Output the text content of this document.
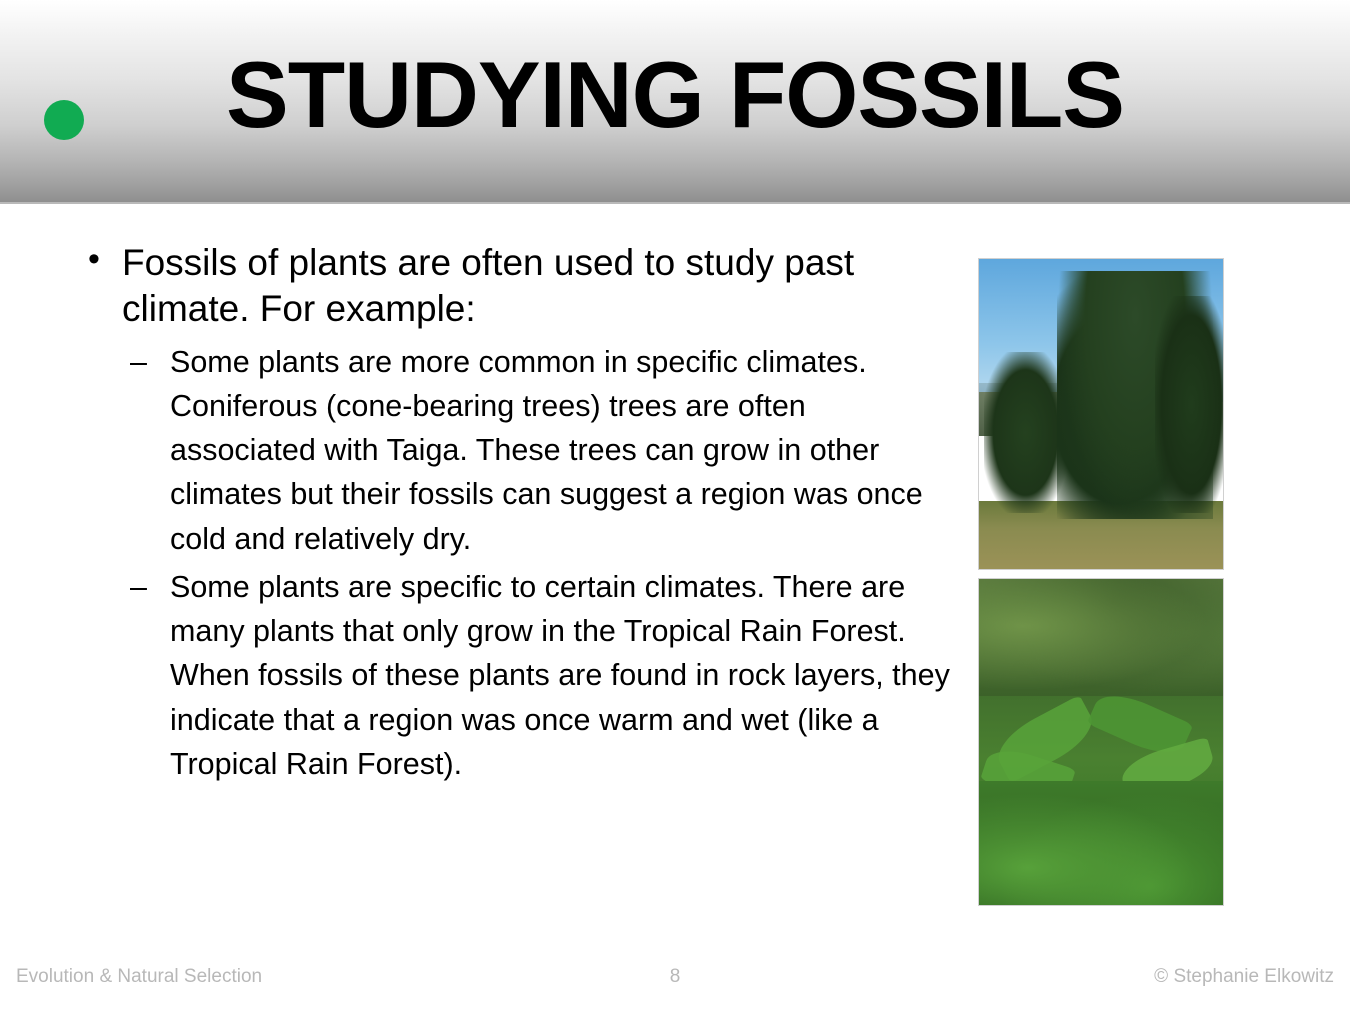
STUDYING FOSSILS
• Fossils of plants are often used to study past climate. For example:
– Some plants are more common in specific climates. Coniferous (cone-bearing trees) trees are often associated with Taiga. These trees can grow in other climates but their fossils can suggest a region was once cold and relatively dry.
– Some plants are specific to certain climates. There are many plants that only grow in the Tropical Rain Forest. When fossils of these plants are found in rock layers, they indicate that a region was once warm and wet (like a Tropical Rain Forest).
Evolution & Natural Selection	8	© Stephanie Elkowitz
